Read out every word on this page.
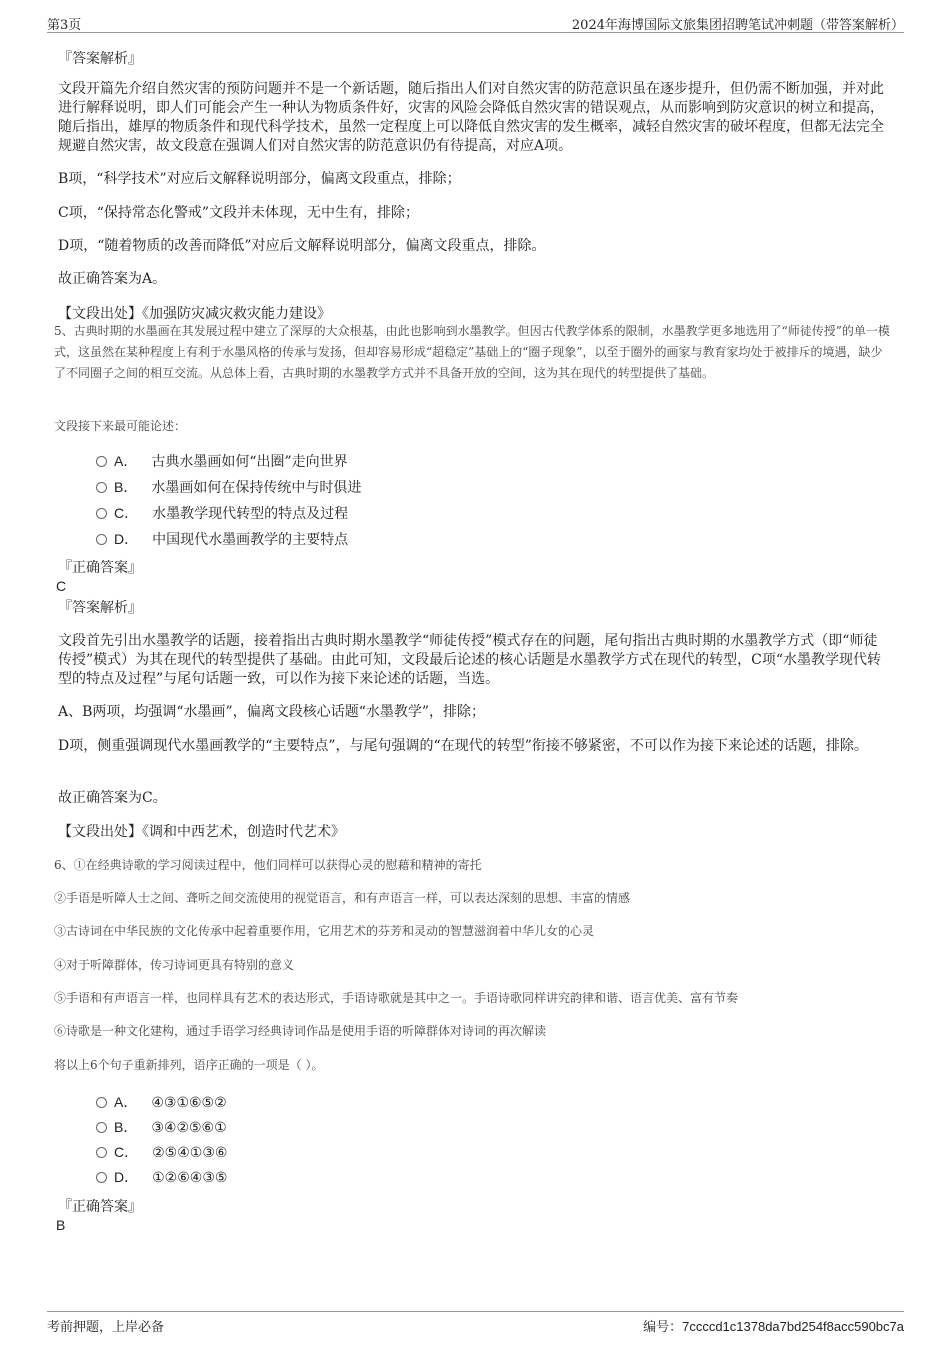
第3页	2024年海博国际文旅集团招聘笔试冲刺题（带答案解析）
『答案解析』

文段开篇先介绍自然灾害的预防问题并不是一个新话题，随后指出人们对自然灾害的防范意识虽在逐步提升，但仍需不断加强，并对此进行解释说明，即人们可能会产生一种认为物质条件好，灾害的风险会降低自然灾害的错误观点，从而影响到防灾意识的树立和提高，随后指出，雄厚的物质条件和现代科学技术，虽然一定程度上可以降低自然灾害的发生概率，减轻自然灾害的破坏程度，但都无法完全规避自然灾害，故文段意在强调人们对自然灾害的防范意识仍有待提高，对应A项。

B项，“科学技术”对应后文解释说明部分，偏离文段重点，排除；

C项，“保持常态化警戒”文段并未体现，无中生有，排除；

D项，“随着物质的改善而降低”对应后文解释说明部分，偏离文段重点，排除。

故正确答案为A。

【文段出处】《加强防灾减灾救灾能力建设》

5、古典时期的水墨画在其发展过程中建立了深厚的大众根基，由此也影响到水墨教学。但因古代教学体系的限制，水墨教学更多地选用了“师徒传授”的单一模式，这虽然在某种程度上有利于水墨风格的传承与发扬，但却容易形成“超稳定”基础上的“圈子现象”，以至于圈外的画家与教育家均处于被排斥的境遇，缺少了不同圈子之间的相互交流。从总体上看，古典时期的水墨教学方式并不具备开放的空间，这为其在现代的转型提供了基础。

文段接下来最可能论述：

A． 古典水墨画如何“出圈”走向世界
B． 水墨画如何在保持传统中与时俱进
C． 水墨教学现代转型的特点及过程
D． 中国现代水墨画教学的主要特点
『正确答案』
C
『答案解析』

文段首先引出水墨教学的话题，接着指出古典时期水墨教学“师徒传授”模式存在的问题，尾句指出古典时期的水墨教学方式（即“师徒传授”模式）为其在现代的转型提供了基础。由此可知，文段最后论述的核心话题是水墨教学方式在现代的转型，C项“水墨教学现代转型的特点及过程”与尾句话题一致，可以作为接下来论述的话题，当选。

A、B两项，均强调“水墨画”，偏离文段核心话题“水墨教学”，排除；

D项，侧重强调现代水墨画教学的“主要特点”，与尾句强调的“在现代的转型”衔接不够紧密，不可以作为接下来论述的话题，排除。

故正确答案为C。

【文段出处】《调和中西艺术，创造时代艺术》

6、①在经典诗歌的学习阅读过程中，他们同样可以获得心灵的慰藉和精神的寄托

②手语是听障人士之间、聋听之间交流使用的视觉语言，和有声语言一样，可以表达深刻的思想、丰富的情感

③古诗词在中华民族的文化传承中起着重要作用，它用艺术的芬芳和灵动的智慧滋润着中华儿女的心灵

④对于听障群体，传习诗词更具有特别的意义

⑤手语和有声语言一样，也同样具有艺术的表达形式，手语诗歌就是其中之一。手语诗歌同样讲究韵律和谐、语言优美、富有节奏

⑥诗歌是一种文化建构，通过手语学习经典诗词作品是使用手语的听障群体对诗词的再次解读

将以上6个句子重新排列，语序正确的一项是（ ）。

A． ④③①⑥⑤②
B． ③④②⑤⑥①
C． ②⑤④①③⑥
D． ①②⑥④③⑤
『正确答案』
B
考前押题，上岸必备	编号：7ccccd1c1378da7bd254f8acc590bc7a
